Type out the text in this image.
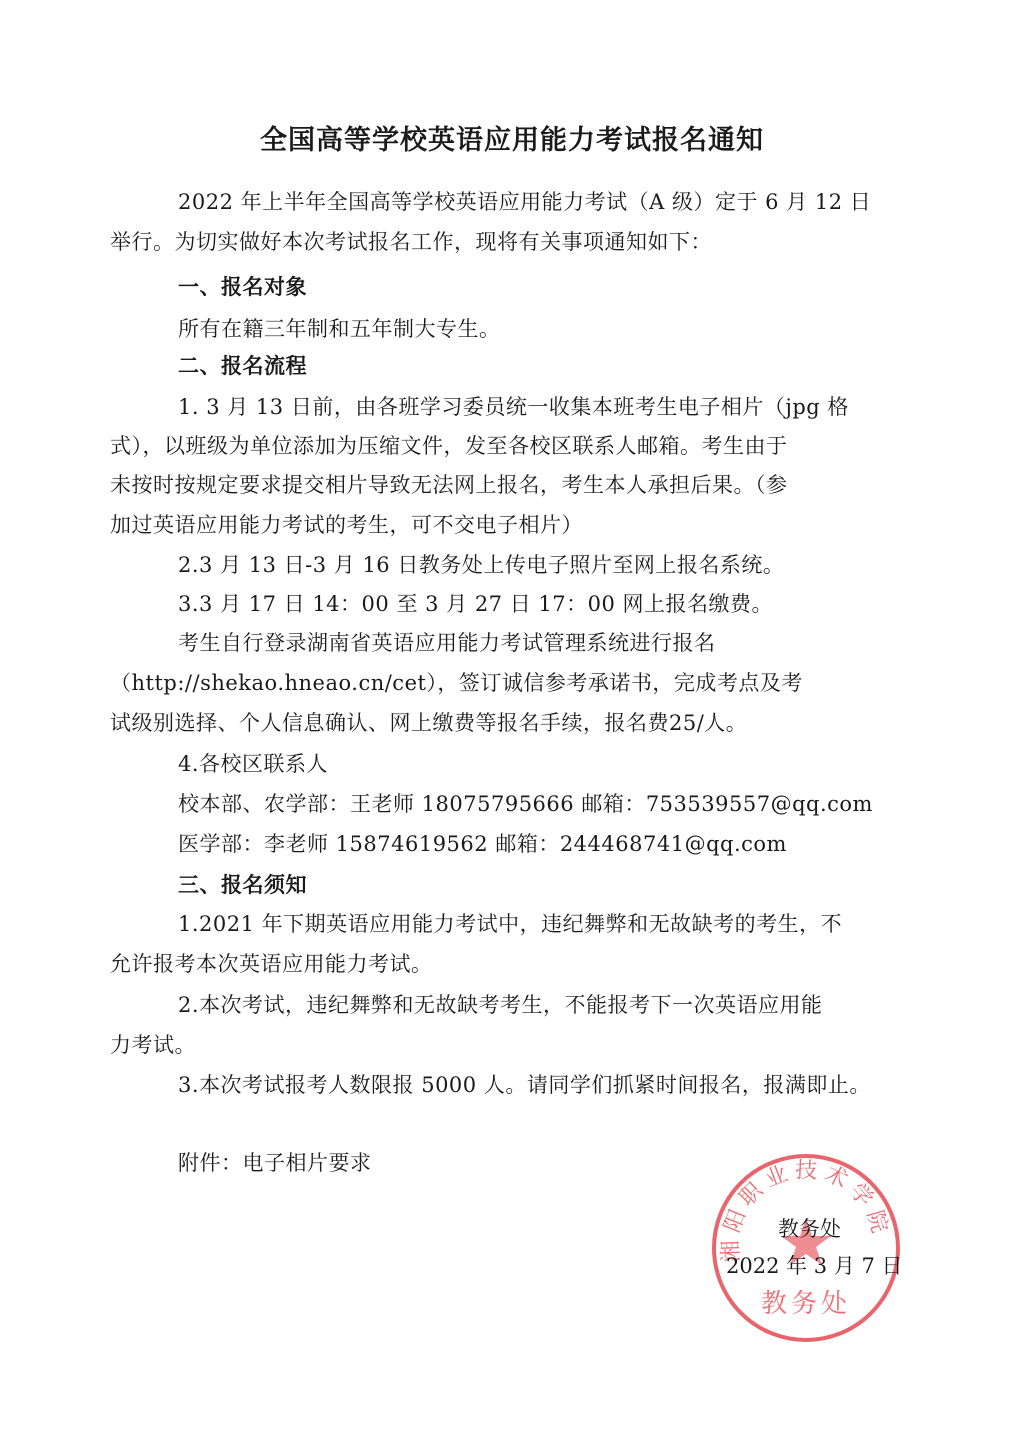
全国高等学校英语应用能力考试报名通知
2022 年上半年全国高等学校英语应用能力考试（A 级）定于 6 月 12 日
举行。为切实做好本次考试报名工作，现将有关事项通知如下：
一、报名对象
所有在籍三年制和五年制大专生。
二、报名流程
1. 3 月 13 日前，由各班学习委员统一收集本班考生电子相片（jpg 格
式），以班级为单位添加为压缩文件，发至各校区联系人邮箱。考生由于
未按时按规定要求提交相片导致无法网上报名，考生本人承担后果。（参
加过英语应用能力考试的考生，可不交电子相片）
2.3 月 13 日-3 月 16 日教务处上传电子照片至网上报名系统。
3.3 月 17 日 14：00 至 3 月 27 日 17：00 网上报名缴费。
考生自行登录湖南省英语应用能力考试管理系统进行报名
（http://shekao.hneao.cn/cet），签订诚信参考承诺书，完成考点及考
试级别选择、个人信息确认、网上缴费等报名手续，报名费25/人。
4.各校区联系人
校本部、农学部：王老师 18075795666 邮箱：753539557@qq.com
医学部：李老师 15874619562 邮箱：244468741@qq.com
三、报名须知
1.2021 年下期英语应用能力考试中，违纪舞弊和无故缺考的考生，不
允许报考本次英语应用能力考试。
2.本次考试，违纪舞弊和无故缺考考生，不能报考下一次英语应用能
力考试。
3.本次考试报考人数限报 5000 人。请同学们抓紧时间报名，报满即止。
附件：电子相片要求
湘阳职业技术学院
教务处
教务处
2022 年 3 月 7 日
